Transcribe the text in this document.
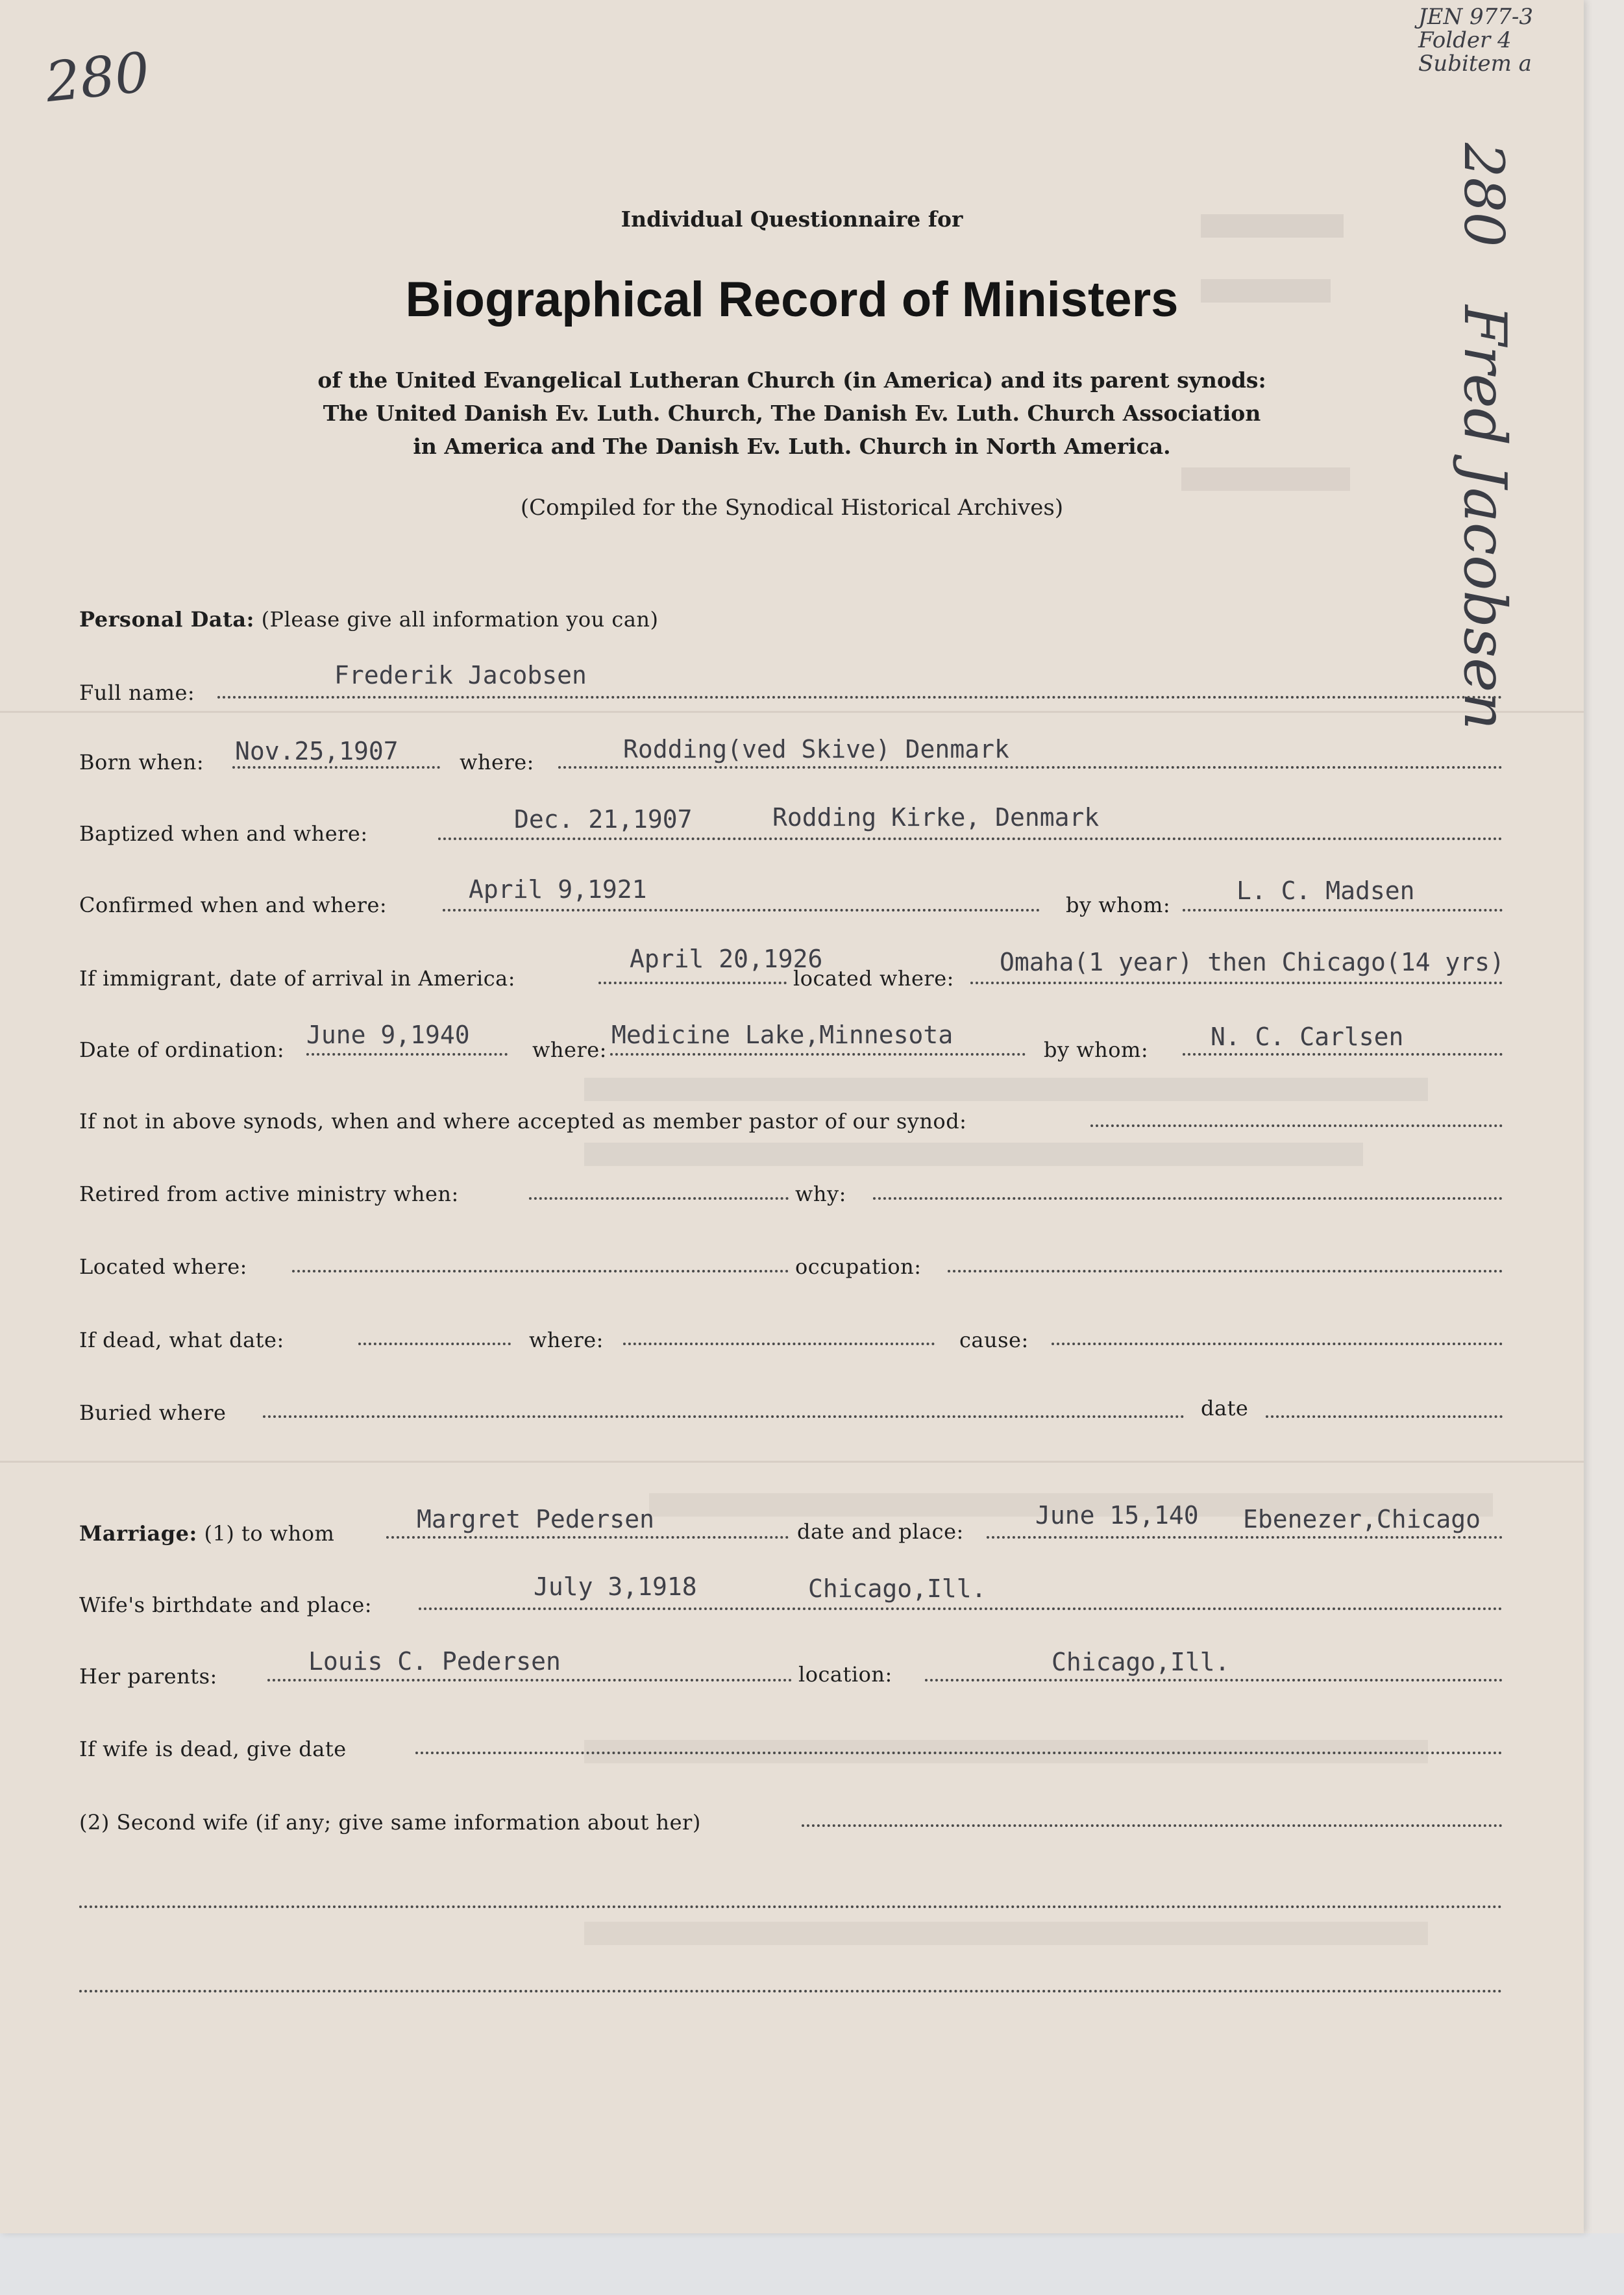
280
JEN 977-3
Folder 4
Subitem a
280
Fred Jacobsen
Individual Questionnaire for
Biographical Record of Ministers
of the United Evangelical Lutheran Church (in America) and its parent synods:
The United Danish Ev. Luth. Church, The Danish Ev. Luth. Church Association
in America and The Danish Ev. Luth. Church in North America.
(Compiled for the Synodical Historical Archives)
Personal Data: (Please give all information you can)
Full name:
Frederik Jacobsen
Born when: Nov.25,1907	where:	Rodding(ved Skive) Denmark
Baptized when and where:	Dec. 21,1907	Rodding Kirke, Denmark
Confirmed when and where:
April 9,1921
by whom:	L. C. Madsen
If immigrant, date of arrival in America:
April 20,1926
located where:
Omaha(1 year) then Chicago(14 yrs)
Date of ordination:
June 9,1940
where:
Medicine Lake,Minnesota
by whom:	N. C. Carlsen
If not in above synods, when and where accepted as member pastor of our synod:
Retired from active ministry when:	why:
Located where:	occupation:
If dead, what date:	where:	cause:
Buried where	date
Marriage: (1) to whom	Margret Pedersen	date and place:
June 15,140 Ebenezer,Chicago
Wife's birthdate and place:
July 3,1918	Chicago,Ill.
Her parents:
Louis C. Pedersen	location:	Chicago,Ill.
If wife is dead, give date
(2) Second wife (if any; give same information about her)
